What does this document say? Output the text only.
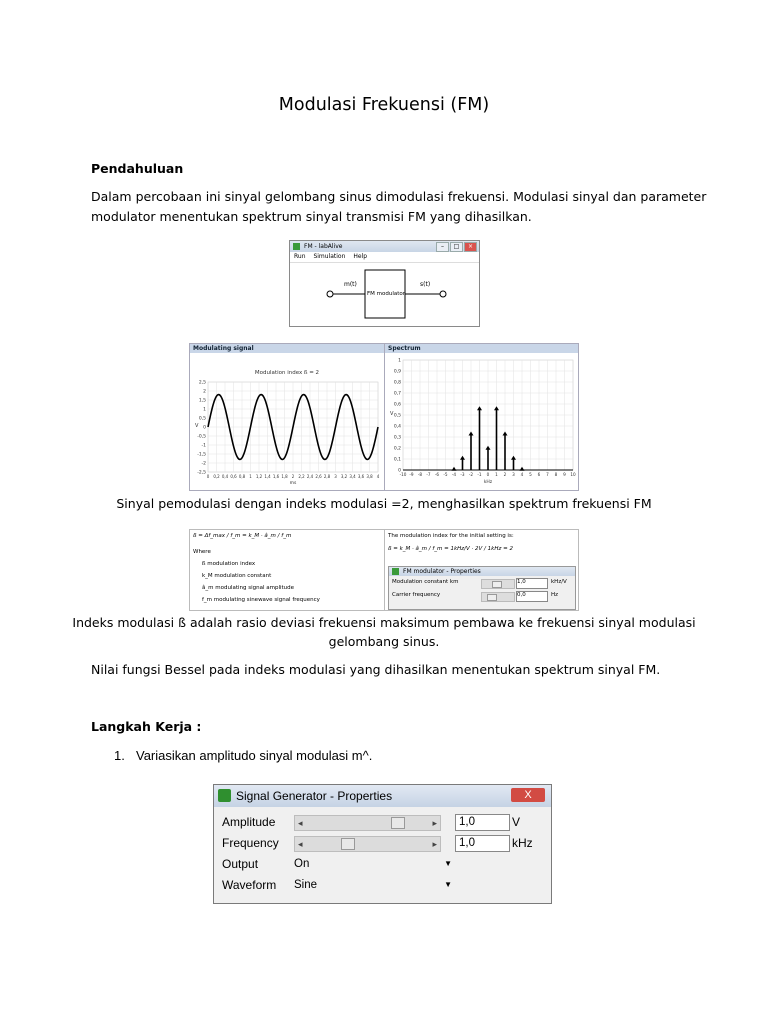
Modulasi Frekuensi (FM)
Pendahuluan
Dalam percobaan ini sinyal gelombang sinus dimodulasi frekuensi. Modulasi sinyal dan parameter
modulator menentukan spektrum sinyal transmisi FM yang dihasilkan.
FM - labAlive	–	□	×
Run Simulation Help
m(t)
FM modulator
s(t)
Modulating signal
Modulation index ß = 2
2,5
2
1,5
1
0,5
0
-0,5
-1
-1,5
-2
-2,5
0 0,2 0,4 0,6 0,8 1 1,2 1,4 1,6 1,8 2 2,2 2,4 2,6 2,8 3 3,2 3,4 3,6 3,8 4
V
ms
Spectrum
1
0,9
0,8
0,7
0,6
0,5
0,4
0,3
0,2
0,1
0
-10 -9 -8 -7 -6 -5 -4 -3 -2 -1 0 1 2 3 4 5 6 7 8 9 10
V
kHz
Sinyal pemodulasi dengan indeks modulasi =2, menghasilkan spektrum frekuensi FM
ß = Δf_max / f_m = k_M · â_m / f_m
Where
ß modulation index
k_M modulation constant
â_m modulating signal amplitude
f_m modulating sinewave signal frequency
The modulation index for the initial setting is:
ß = k_M · â_m / f_m = 1kHz/V · 2V / 1kHz = 2
FM modulator - Properties
Modulation constant km	1,0	kHz/V
Carrier frequency	0,0	Hz
Indeks modulasi ß adalah rasio deviasi frekuensi maksimum pembawa ke frekuensi sinyal modulasi
gelombang sinus.
Nilai fungsi Bessel pada indeks modulasi yang dihasilkan menentukan spektrum sinyal FM.
Langkah Kerja :
1. Variasikan amplitudo sinyal modulasi m^.
Signal Generator - Properties	X
Amplitude	◂	▸	1,0	V
Frequency ◂	▸	1,0	kHz
Output	On	▼
Waveform Sine	▼
